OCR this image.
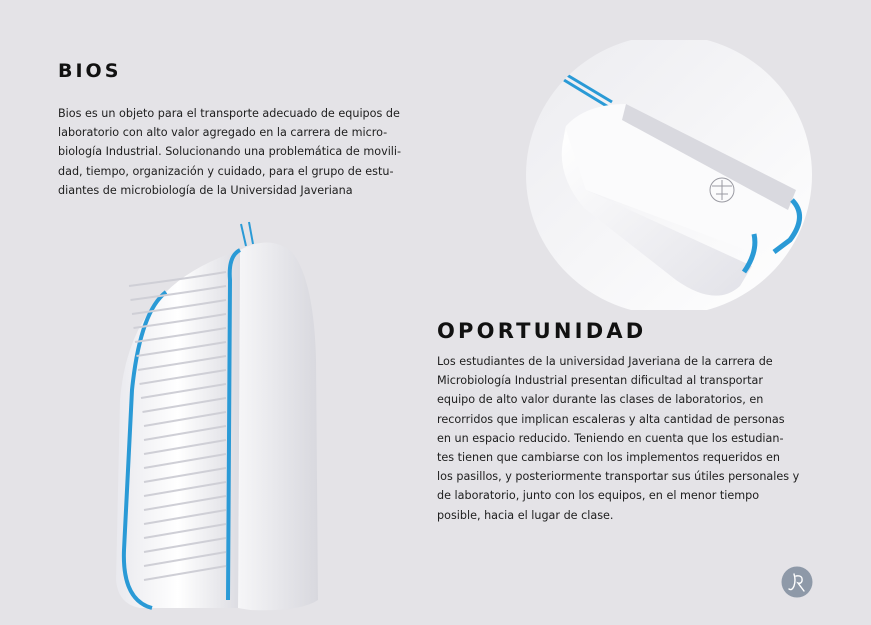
BIOS

Bios es un objeto para el transporte adecuado de equipos de
laboratorio con alto valor agregado en la carrera de micro-
biología Industrial. Solucionando una problemática de movili-
dad, tiempo, organización y cuidado, para el grupo de estu-
diantes de microbiología de la Universidad Javeriana

OPORTUNIDAD

Los estudiantes de la universidad Javeriana de la carrera de
Microbiología Industrial presentan dificultad al transportar
equipo de alto valor durante las clases de laboratorios, en
recorridos que implican escaleras y alta cantidad de personas
en un espacio reducido. Teniendo en cuenta que los estudian-
tes tienen que cambiarse con los implementos requeridos en
los pasillos, y posteriormente transportar sus útiles personales y
de laboratorio, junto con los equipos, en el menor tiempo
posible, hacia el lugar de clase.
